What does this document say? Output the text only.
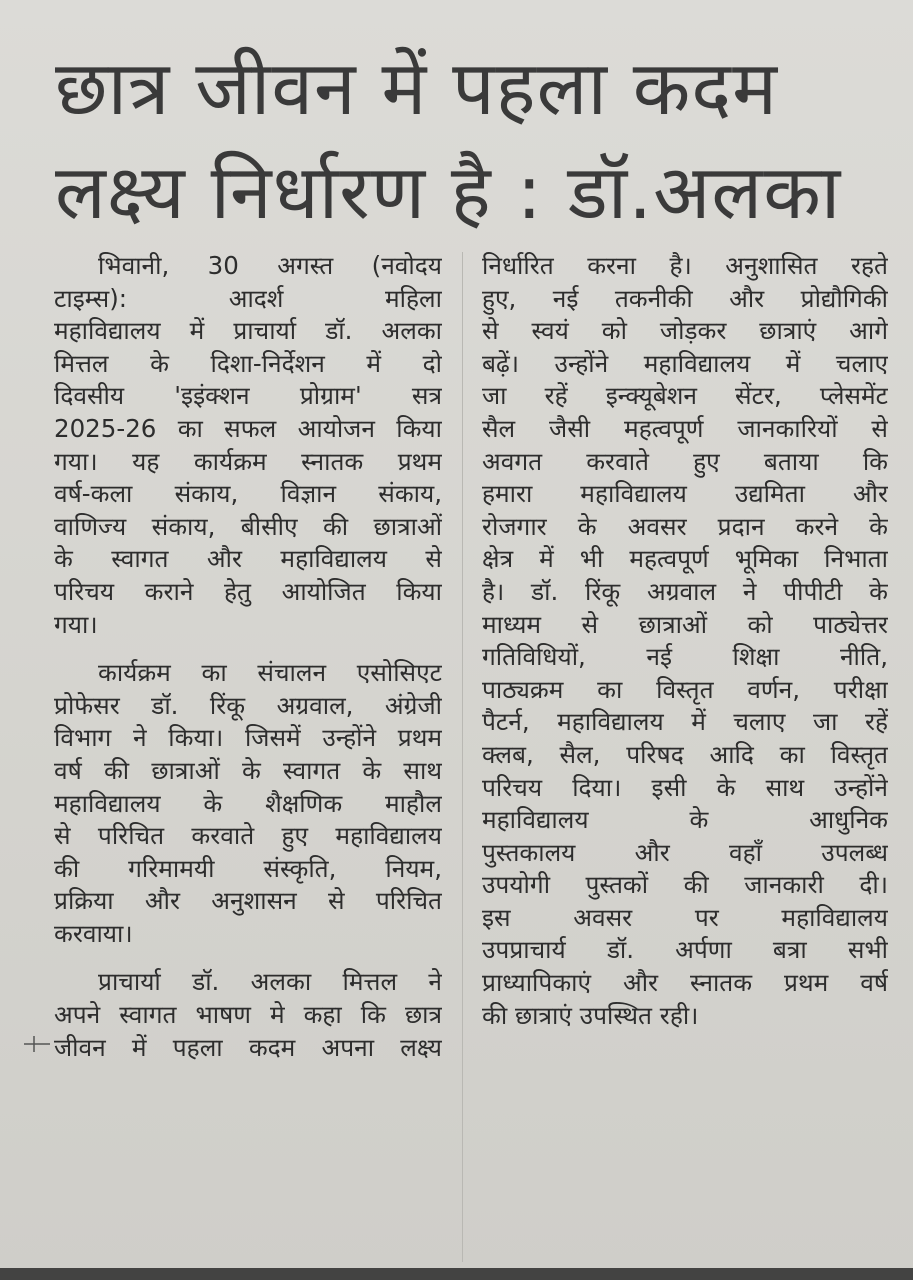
छात्र जीवन में पहला कदम
लक्ष्य निर्धारण है : डॉ.अलका
भिवानी, 30 अगस्त (नवोदय
टाइम्स): आदर्श महिला
महाविद्यालय में प्राचार्या डॉ. अलका
मित्तल के दिशा-निर्देशन में दो
दिवसीय 'इइंक्शन प्रोग्राम' सत्र
2025-26 का सफल आयोजन किया
गया। यह कार्यक्रम स्नातक प्रथम
वर्ष-कला संकाय, विज्ञान संकाय,
वाणिज्य संकाय, बीसीए की छात्राओं
के स्वागत और महाविद्यालय से
परिचय कराने हेतु आयोजित किया
गया।
कार्यक्रम का संचालन एसोसिएट
प्रोफेसर डॉ. रिंकू अग्रवाल, अंग्रेजी
विभाग ने किया। जिसमें उन्होंने प्रथम
वर्ष की छात्राओं के स्वागत के साथ
महाविद्यालय के शैक्षणिक माहौल
से परिचित करवाते हुए महाविद्यालय
की गरिमामयी संस्कृति, नियम,
प्रक्रिया और अनुशासन से परिचित
करवाया।
प्राचार्या डॉ. अलका मित्तल ने
अपने स्वागत भाषण मे कहा कि छात्र
जीवन में पहला कदम अपना लक्ष्य
निर्धारित करना है। अनुशासित रहते
हुए, नई तकनीकी और प्रोद्यौगिकी
से स्वयं को जोड़कर छात्राएं आगे
बढ़ें। उन्होंने महाविद्यालय में चलाए
जा रहें इन्क्यूबेशन सेंटर, प्लेसमेंट
सैल जैसी महत्वपूर्ण जानकारियों से
अवगत करवाते हुए बताया कि
हमारा महाविद्यालय उद्यमिता और
रोजगार के अवसर प्रदान करने के
क्षेत्र में भी महत्वपूर्ण भूमिका निभाता
है। डॉ. रिंकू अग्रवाल ने पीपीटी के
माध्यम से छात्राओं को पाठ्येत्तर
गतिविधियों, नई शिक्षा नीति,
पाठ्यक्रम का विस्तृत वर्णन, परीक्षा
पैटर्न, महाविद्यालय में चलाए जा रहें
क्लब, सैल, परिषद आदि का विस्तृत
परिचय दिया। इसी के साथ उन्होंने
महाविद्यालय के आधुनिक
पुस्तकालय और वहाँ उपलब्ध
उपयोगी पुस्तकों की जानकारी दी।
इस अवसर पर महाविद्यालय
उपप्राचार्य डॉ. अर्पणा बत्रा सभी
प्राध्यापिकाएं और स्नातक प्रथम वर्ष
की छात्राएं उपस्थित रही।
